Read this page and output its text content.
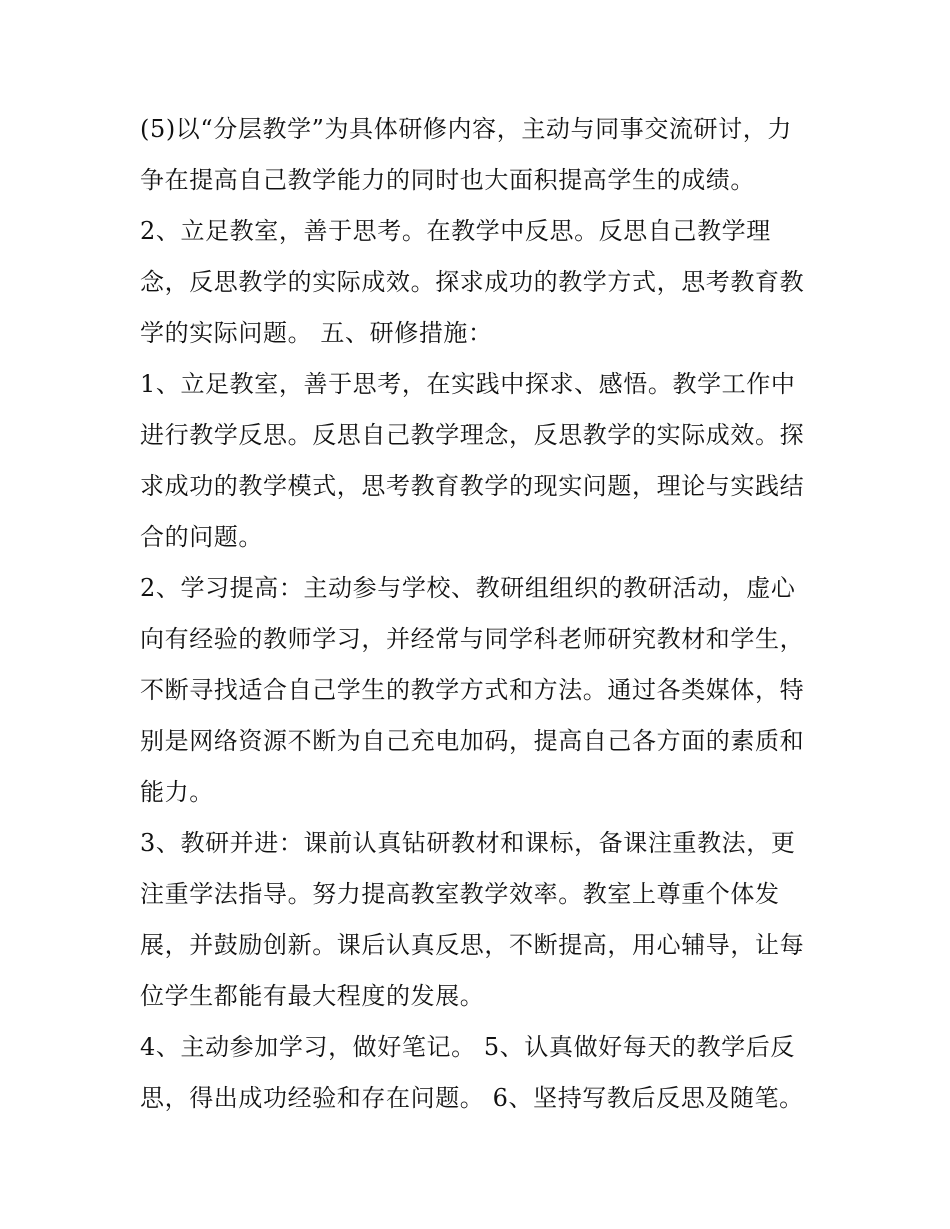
(5)以“分层教学”为具体研修内容，主动与同事交流研讨，力
争在提高自己教学能力的同时也大面积提高学生的成绩。
2、立足教室，善于思考。在教学中反思。反思自己教学理
念，反思教学的实际成效。探求成功的教学方式，思考教育教
学的实际问题。 五、研修措施：
1、立足教室，善于思考，在实践中探求、感悟。教学工作中
进行教学反思。反思自己教学理念，反思教学的实际成效。探
求成功的教学模式，思考教育教学的现实问题，理论与实践结
合的问题。
2、学习提高：主动参与学校、教研组组织的教研活动，虚心
向有经验的教师学习，并经常与同学科老师研究教材和学生，
不断寻找适合自己学生的教学方式和方法。通过各类媒体，特
别是网络资源不断为自己充电加码，提高自己各方面的素质和
能力。
3、教研并进：课前认真钻研教材和课标，备课注重教法，更
注重学法指导。努力提高教室教学效率。教室上尊重个体发
展，并鼓励创新。课后认真反思，不断提高，用心辅导，让每
位学生都能有最大程度的发展。
4、主动参加学习，做好笔记。 5、认真做好每天的教学后反
思，得出成功经验和存在问题。 6、坚持写教后反思及随笔。
